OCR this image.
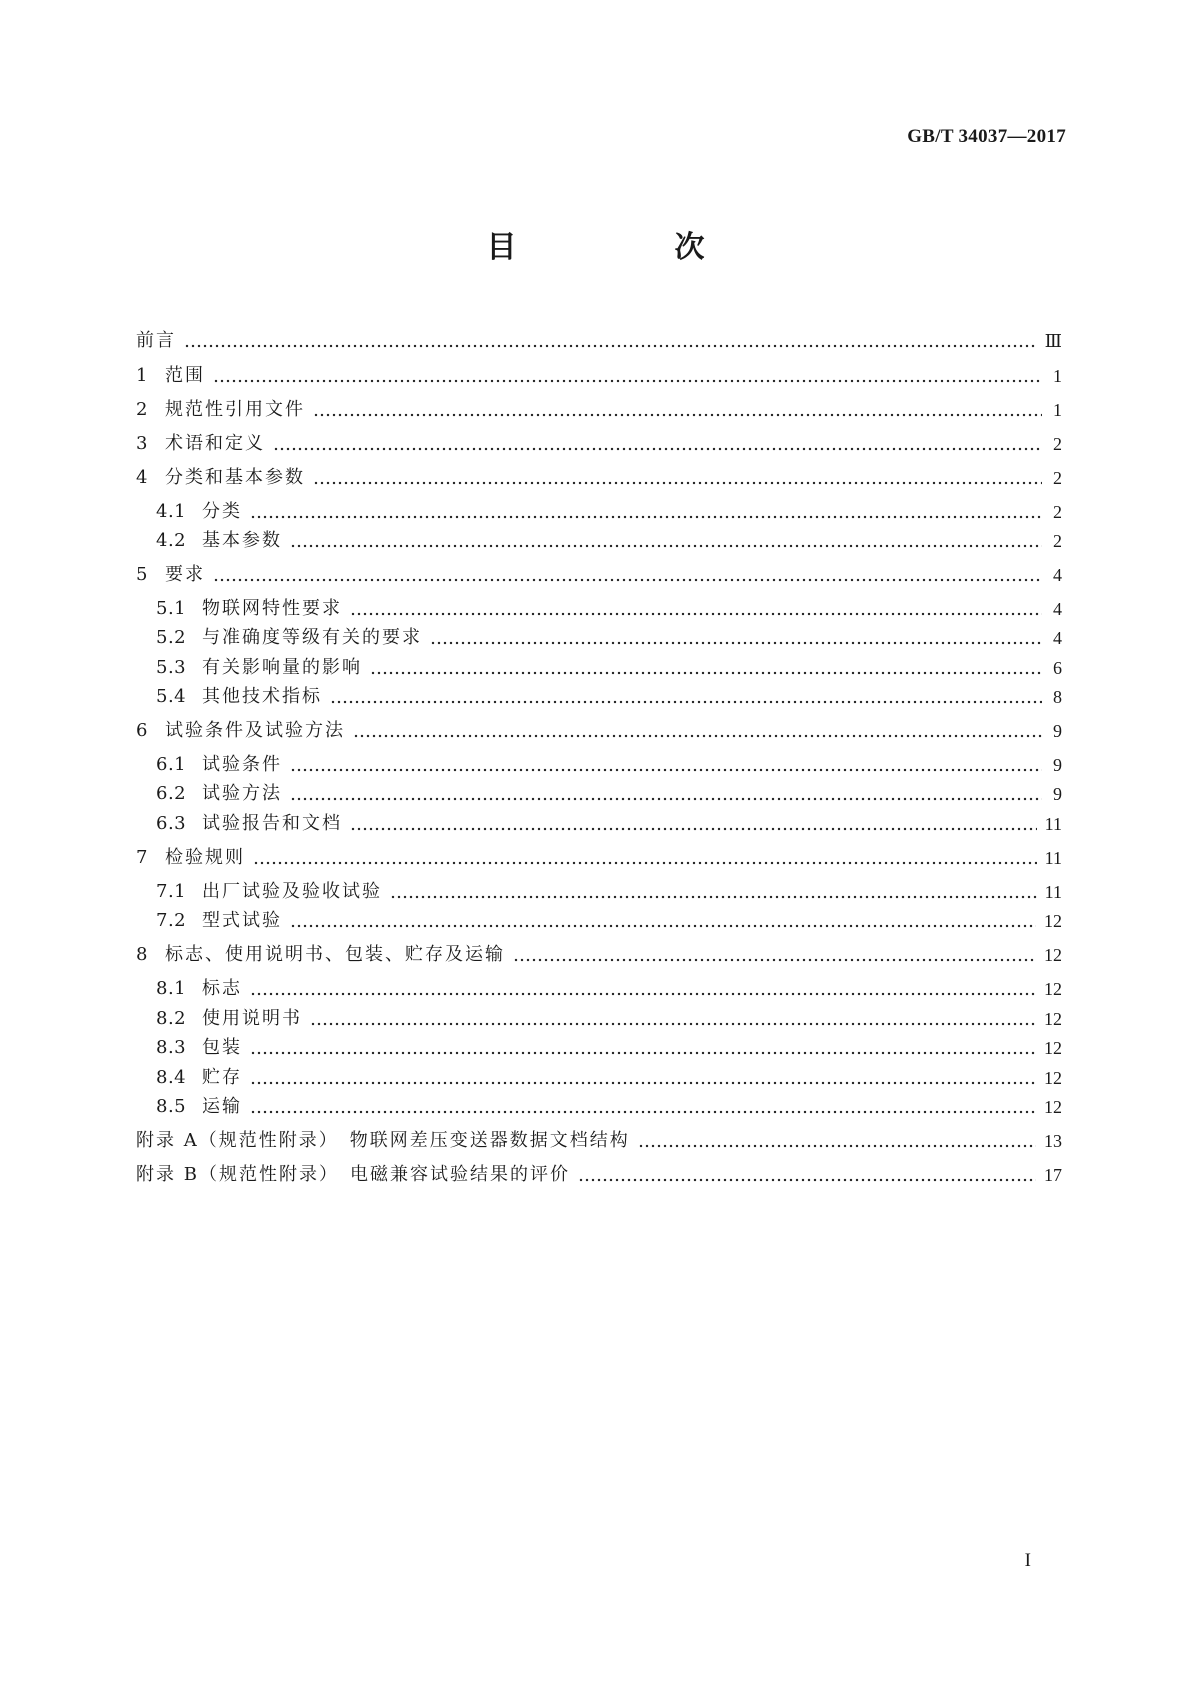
GB/T 34037—2017
目　次
前言	Ⅲ
1 范围	1
2 规范性引用文件	1
3 术语和定义	2
4 分类和基本参数	2
4.1 分类	2
4.2 基本参数	2
5 要求	4
5.1 物联网特性要求	4
5.2 与准确度等级有关的要求	4
5.3 有关影响量的影响	6
5.4 其他技术指标	8
6 试验条件及试验方法	9
6.1 试验条件	9
6.2 试验方法	9
6.3 试验报告和文档	11
7 检验规则	11
7.1 出厂试验及验收试验	11
7.2 型式试验	12
8 标志、使用说明书、包装、贮存及运输	12
8.1 标志	12
8.2 使用说明书	12
8.3 包装	12
8.4 贮存	12
8.5 运输	12
附录 A（规范性附录）　物联网差压变送器数据文档结构	13
附录 B（规范性附录）　电磁兼容试验结果的评价	17
I
